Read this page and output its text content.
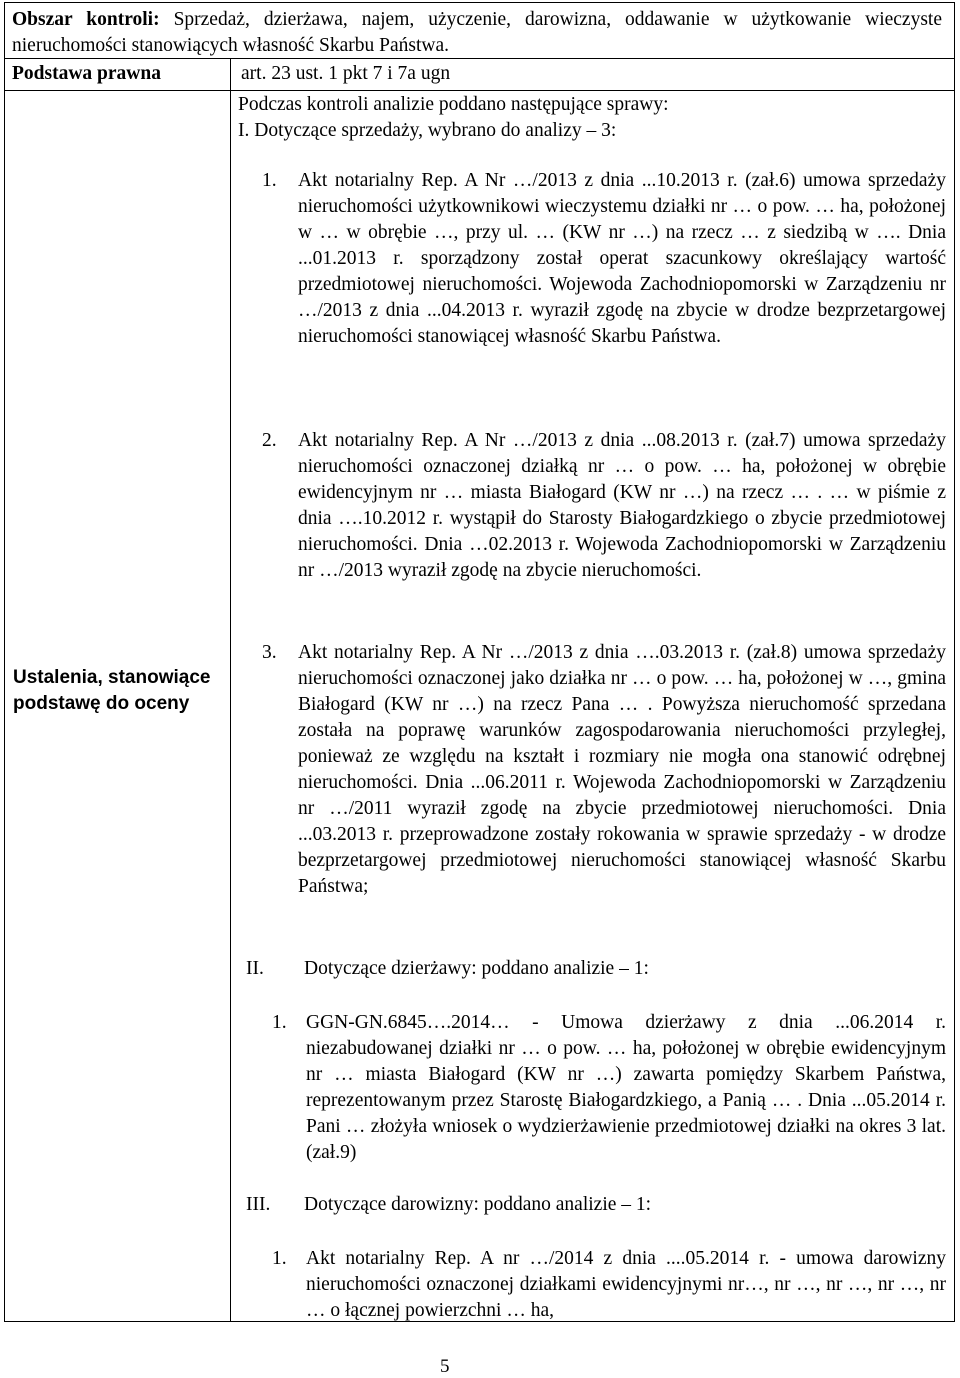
Obszar kontroli: Sprzedaż, dzierżawa, najem, użyczenie, darowizna, oddawanie w użytkowanie wieczyste nieruchomości stanowiących własność Skarbu Państwa.
Podstawa prawna	art. 23 ust. 1 pkt 7 i 7a ugn
Ustalenia, stanowiące podstawę do oceny
Podczas kontroli analizie poddano następujące sprawy:
I. Dotyczące sprzedaży, wybrano do analizy – 3:
1. Akt notarialny Rep. A Nr …/2013 z dnia ...10.2013 r. (zał.6) umowa sprzedaży nieruchomości użytkownikowi wieczystemu działki nr … o pow. … ha, położonej w … w obrębie …, przy ul. … (KW nr …) na rzecz … z siedzibą w …. Dnia ...01.2013 r. sporządzony został operat szacunkowy określający wartość przedmiotowej nieruchomości. Wojewoda Zachodniopomorski w Zarządzeniu nr …/2013 z dnia ...04.2013 r. wyraził zgodę na zbycie w drodze bezprzetargowej nieruchomości stanowiącej własność Skarbu Państwa.
2. Akt notarialny Rep. A Nr …/2013 z dnia ...08.2013 r. (zał.7) umowa sprzedaży nieruchomości oznaczonej działką nr … o pow. … ha, położonej w obrębie ewidencyjnym nr … miasta Białogard (KW nr …) na rzecz … . … w piśmie z dnia ….10.2012 r. wystąpił do Starosty Białogardzkiego o zbycie przedmiotowej nieruchomości. Dnia …02.2013 r. Wojewoda Zachodniopomorski w Zarządzeniu nr …/2013 wyraził zgodę na zbycie nieruchomości.
3. Akt notarialny Rep. A Nr …/2013 z dnia ….03.2013 r. (zał.8) umowa sprzedaży nieruchomości oznaczonej jako działka nr … o pow. … ha, położonej w …, gmina Białogard (KW nr …) na rzecz Pana … . Powyższa nieruchomość sprzedana została na poprawę warunków zagospodarowania nieruchomości przyległej, ponieważ ze względu na kształt i rozmiary nie mogła ona stanowić odrębnej nieruchomości. Dnia ...06.2011 r. Wojewoda Zachodniopomorski w Zarządzeniu nr …/2011 wyraził zgodę na zbycie przedmiotowej nieruchomości. Dnia ...03.2013 r. przeprowadzone zostały rokowania w sprawie sprzedaży - w drodze bezprzetargowej przedmiotowej nieruchomości stanowiącej własność Skarbu Państwa;
II. Dotyczące dzierżawy: poddano analizie – 1:
1. GGN-GN.6845….2014… - Umowa dzierżawy z dnia ...06.2014 r. niezabudowanej działki nr … o pow. … ha, położonej w obrębie ewidencyjnym nr … miasta Białogard (KW nr …) zawarta pomiędzy Skarbem Państwa, reprezentowanym przez Starostę Białogardzkiego, a Panią … . Dnia ...05.2014 r. Pani … złożyła wniosek o wydzierżawienie przedmiotowej działki na okres 3 lat. (zał.9)
III. Dotyczące darowizny: poddano analizie – 1:
1. Akt notarialny Rep. A nr …/2014 z dnia ....05.2014 r. - umowa darowizny nieruchomości oznaczonej działkami ewidencyjnymi nr…, nr …, nr …, nr …, nr … o łącznej powierzchni … ha,
5
